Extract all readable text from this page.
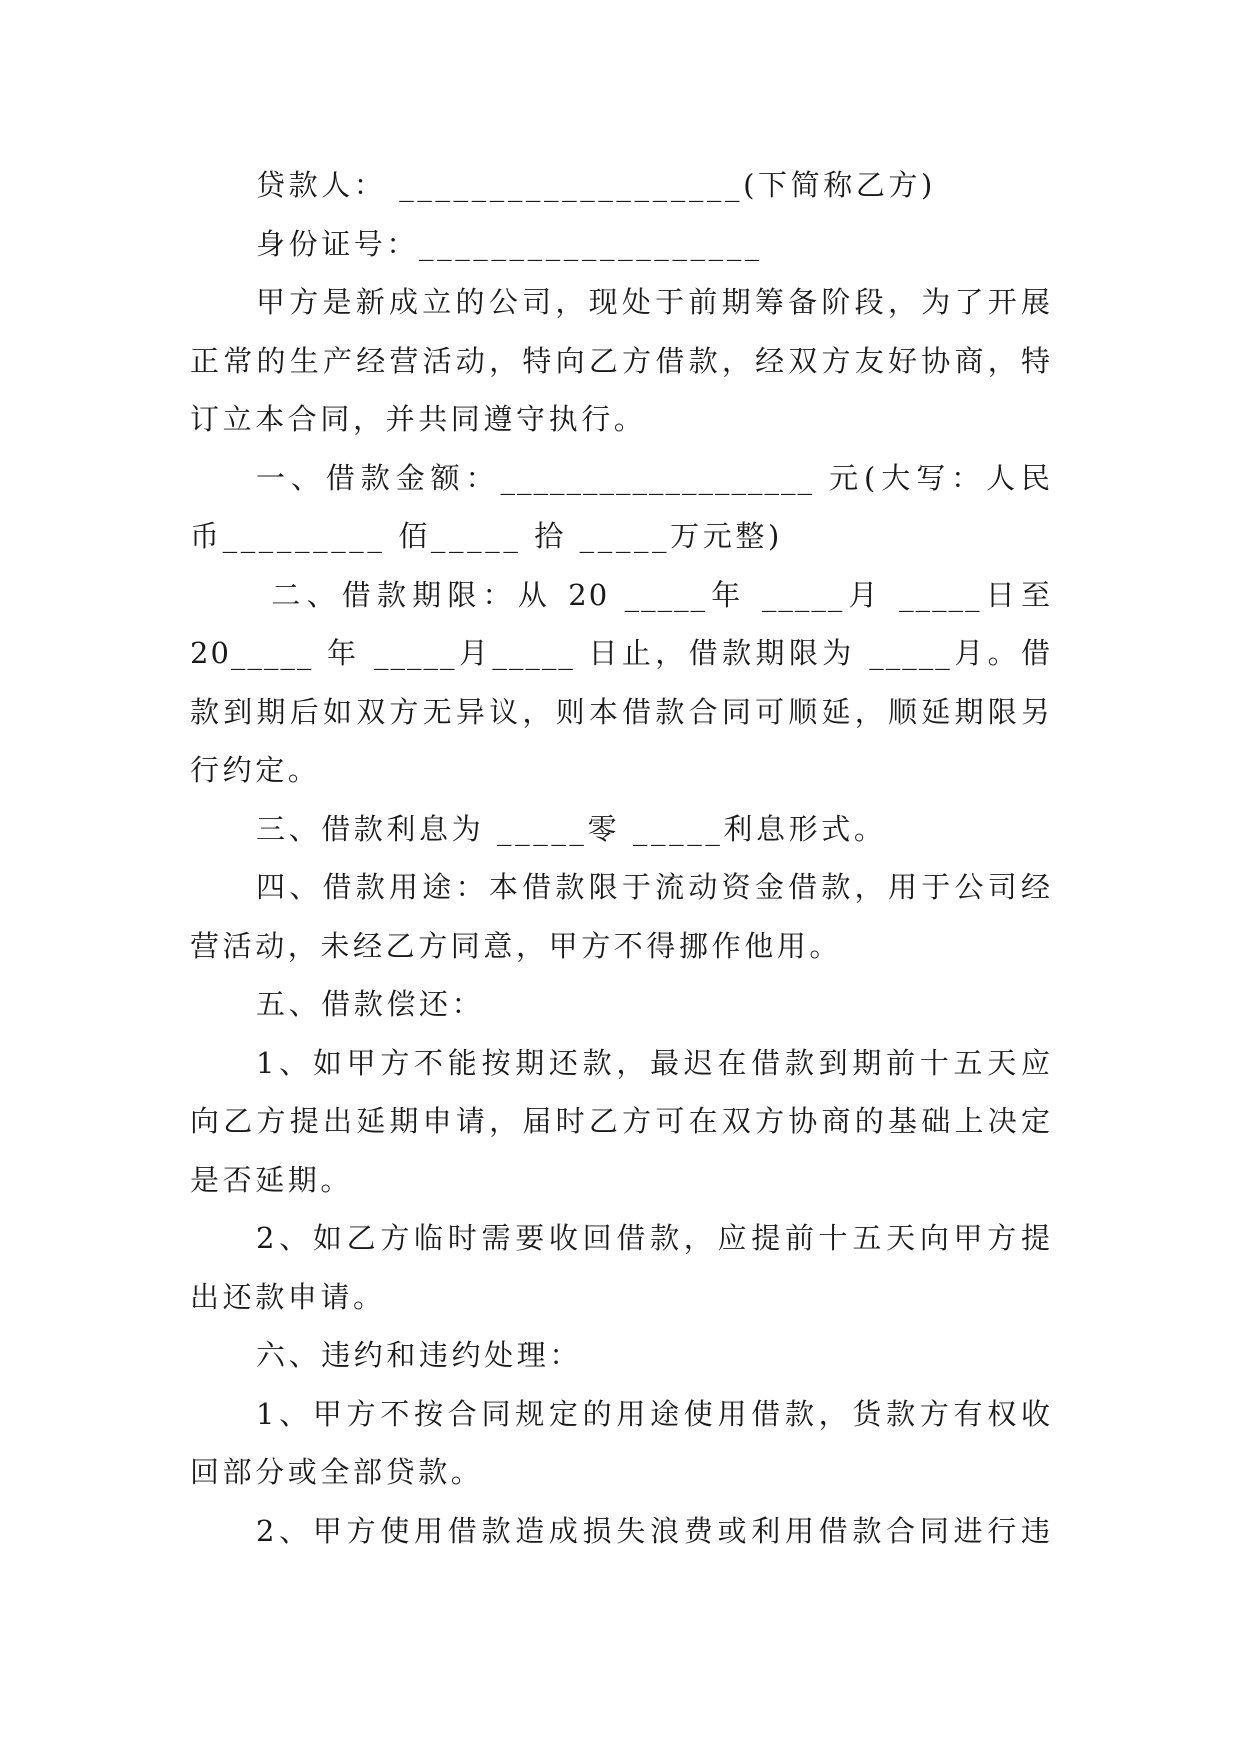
贷款人： ___________________(下简称乙方)
身份证号：___________________
甲方是新成立的公司，现处于前期筹备阶段，为了开展
正常的生产经营活动，特向乙方借款，经双方友好协商，特
订立本合同，并共同遵守执行。
一、借款金额：___________________ 元(大写：人民
币_________ 佰_____ 拾 _____万元整)
二、借款期限：从 20 _____年 _____月 _____日至
20_____ 年 _____月_____ 日止，借款期限为 _____月。借
款到期后如双方无异议，则本借款合同可顺延，顺延期限另
行约定。
三、借款利息为 _____零 _____利息形式。
四、借款用途：本借款限于流动资金借款，用于公司经
营活动，未经乙方同意，甲方不得挪作他用。
五、借款偿还：
1、如甲方不能按期还款，最迟在借款到期前十五天应
向乙方提出延期申请，届时乙方可在双方协商的基础上决定
是否延期。
2、如乙方临时需要收回借款，应提前十五天向甲方提
出还款申请。
六、违约和违约处理：
1、甲方不按合同规定的用途使用借款，货款方有权收
回部分或全部贷款。
2、甲方使用借款造成损失浪费或利用借款合同进行违
